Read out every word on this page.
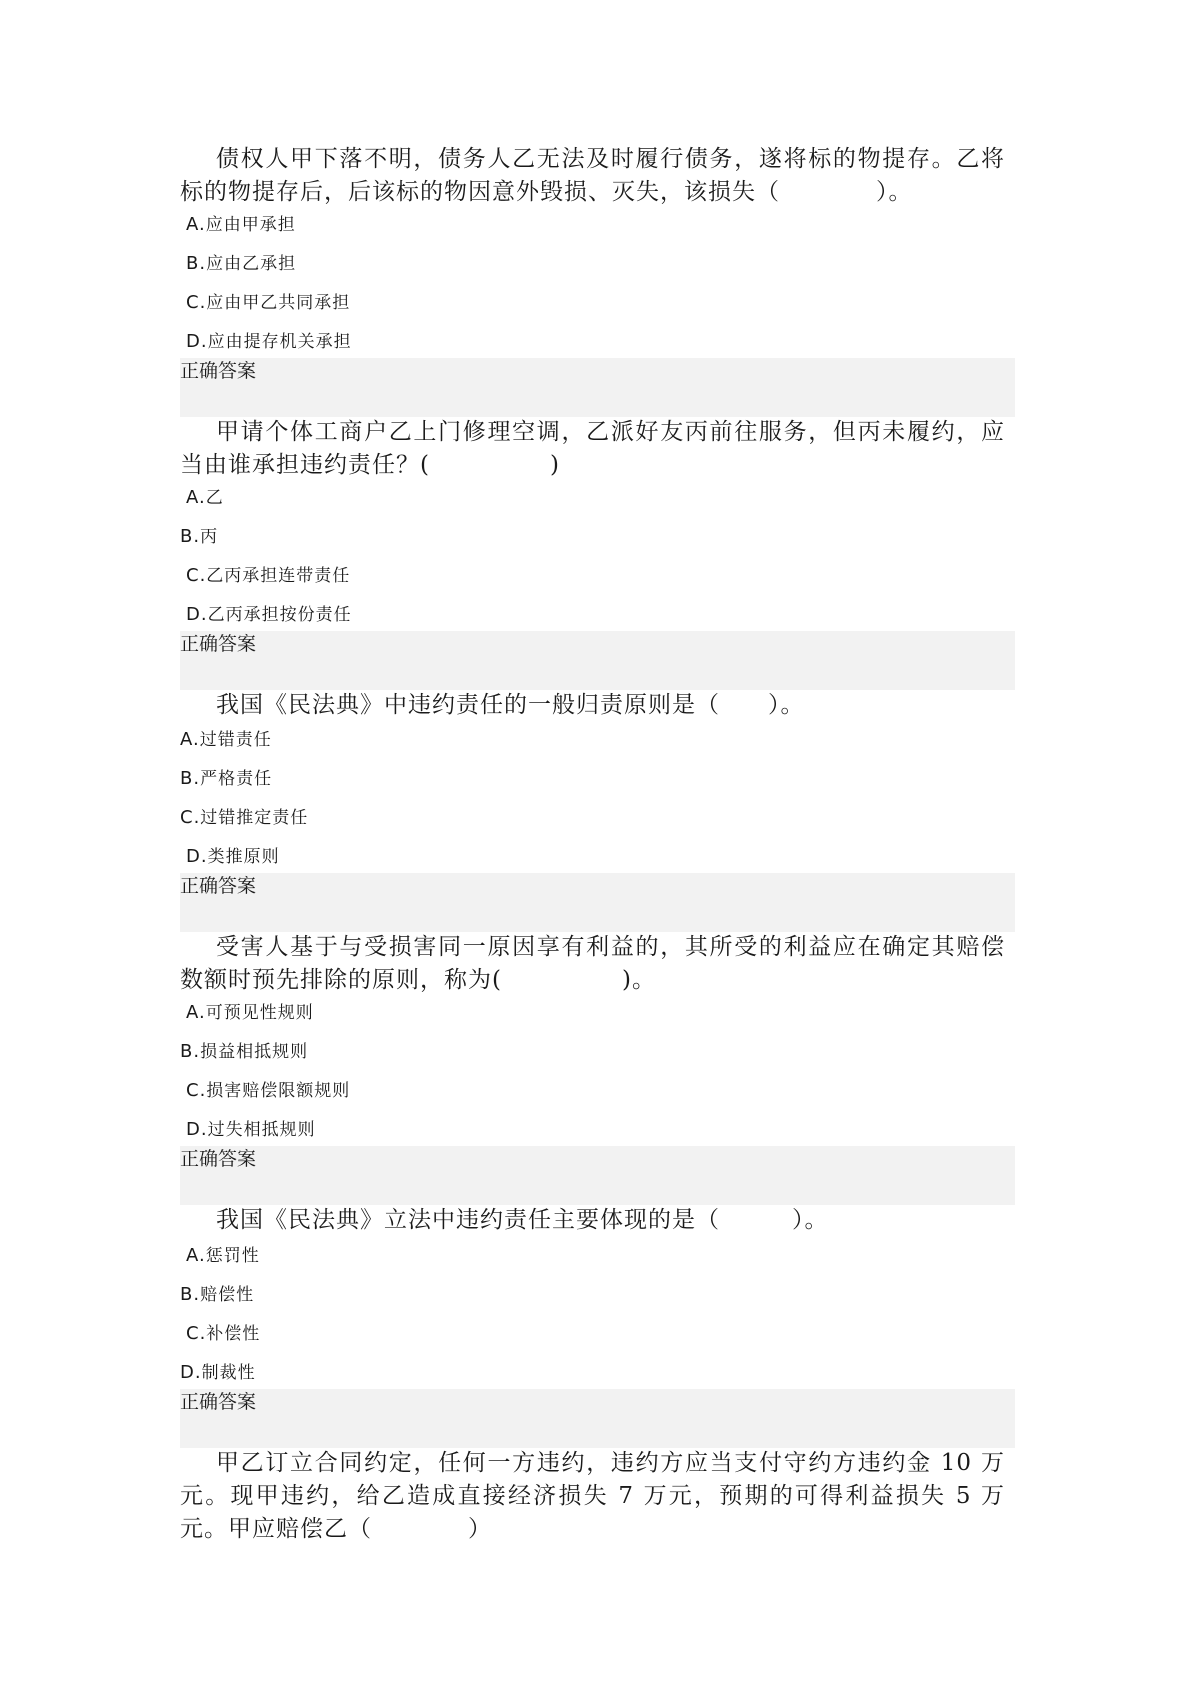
债权人甲下落不明，债务人乙无法及时履行债务，遂将标的物提存。乙将标的物提存后，后该标的物因意外毁损、灭失，该损失（　　　　）。
A.应由甲承担
B.应由乙承担
C.应由甲乙共同承担
D.应由提存机关承担
正确答案
甲请个体工商户乙上门修理空调，乙派好友丙前往服务，但丙未履约，应当由谁承担违约责任？(　　　　　)
A.乙
B.丙
C.乙丙承担连带责任
D.乙丙承担按份责任
正确答案
我国《民法典》中违约责任的一般归责原则是（　　）。
A.过错责任
B.严格责任
C.过错推定责任
D.类推原则
正确答案
受害人基于与受损害同一原因享有利益的，其所受的利益应在确定其赔偿数额时预先排除的原则，称为(　　　　　)。
A.可预见性规则
B.损益相抵规则
C.损害赔偿限额规则
D.过失相抵规则
正确答案
我国《民法典》立法中违约责任主要体现的是（　　　）。
A.惩罚性
B.赔偿性
C.补偿性
D.制裁性
正确答案
甲乙订立合同约定，任何一方违约，违约方应当支付守约方违约金 10 万元。现甲违约，给乙造成直接经济损失 7 万元，预期的可得利益损失 5 万元。甲应赔偿乙（　　　　）
